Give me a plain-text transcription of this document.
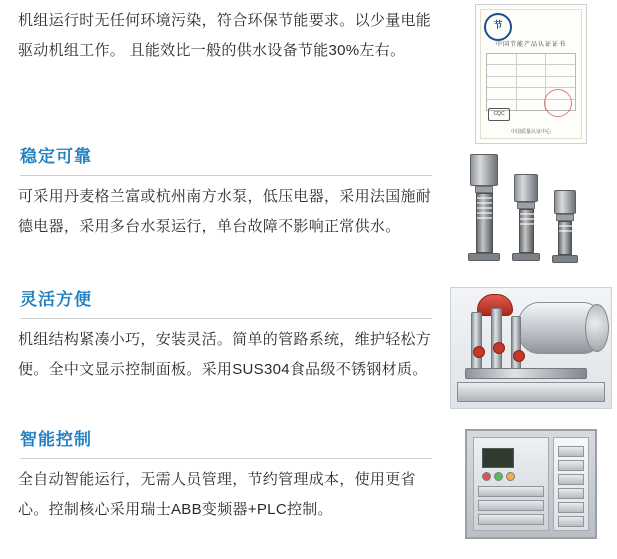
机组运行时无任何环境污染，符合环保节能要求。以少量电能驱动机组工作。 且能效比一般的供水设备节能30%左右。
节
中国节能产品认证证书
CQC
中国质量认证中心
稳定可靠
可采用丹麦格兰富或杭州南方水泵，低压电器，采用法国施耐德电器，采用多台水泵运行，单台故障不影响正常供水。
灵活方便
机组结构紧凑小巧，安装灵活。简单的管路系统，维护轻松方便。全中文显示控制面板。采用SUS304食品级不锈钢材质。
智能控制
全自动智能运行，无需人员管理，节约管理成本，使用更省心。控制核心采用瑞士ABB变频器+PLC控制。
